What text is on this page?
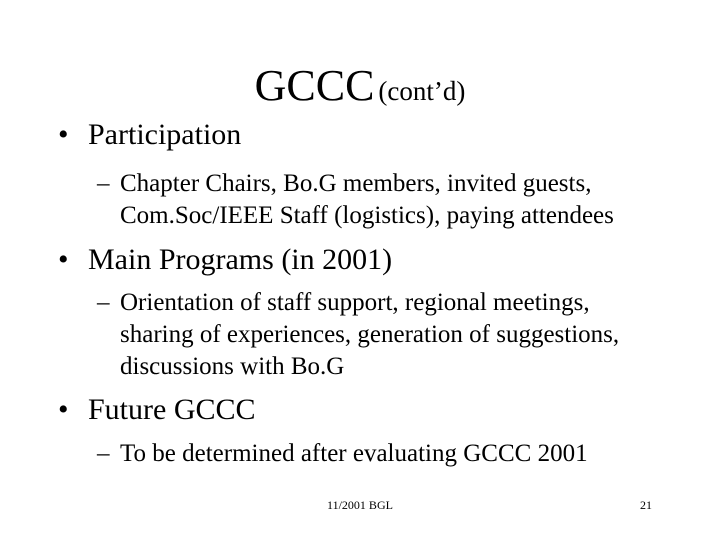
GCCC (cont’d)
• Participation
– Chapter Chairs, Bo.G members, invited guests,
Com.Soc/IEEE Staff (logistics), paying attendees
• Main Programs (in 2001)
– Orientation of staff support, regional meetings,
sharing of experiences, generation of suggestions,
discussions with Bo.G
• Future GCCC
– To be determined after evaluating GCCC 2001
11/2001 BGL	21
